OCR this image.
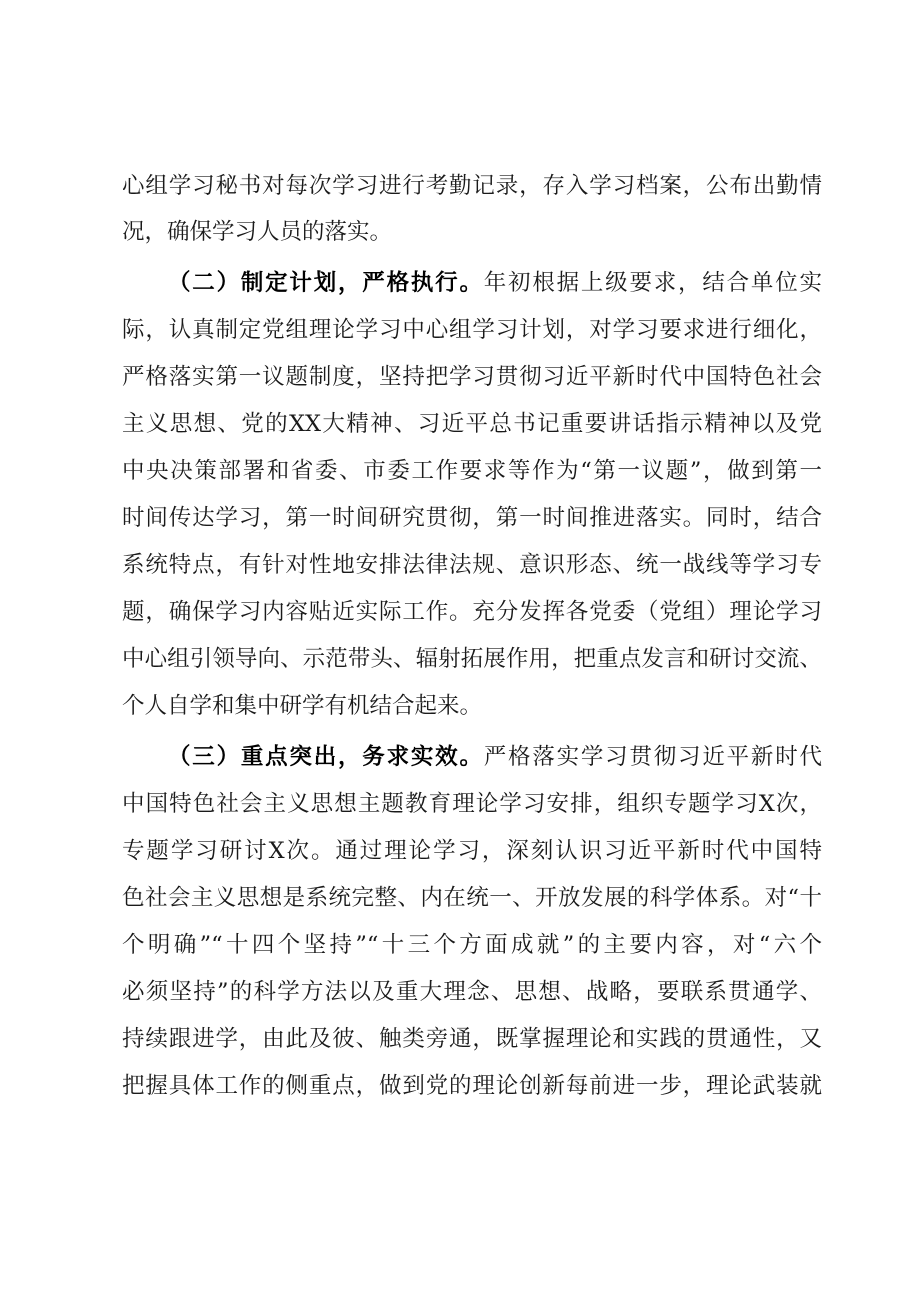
心组学习秘书对每次学习进行考勤记录，存入学习档案，公布出勤情
况，确保学习人员的落实。
（二）制定计划，严格执行。年初根据上级要求，结合单位实
际，认真制定党组理论学习中心组学习计划，对学习要求进行细化，
严格落实第一议题制度，坚持把学习贯彻习近平新时代中国特色社会
主义思想、党的XX大精神、习近平总书记重要讲话指示精神以及党
中央决策部署和省委、市委工作要求等作为“第一议题”，做到第一
时间传达学习，第一时间研究贯彻，第一时间推进落实。同时，结合
系统特点，有针对性地安排法律法规、意识形态、统一战线等学习专
题，确保学习内容贴近实际工作。充分发挥各党委（党组）理论学习
中心组引领导向、示范带头、辐射拓展作用，把重点发言和研讨交流、
个人自学和集中研学有机结合起来。
（三）重点突出，务求实效。严格落实学习贯彻习近平新时代
中国特色社会主义思想主题教育理论学习安排，组织专题学习X次，
专题学习研讨X次。通过理论学习，深刻认识习近平新时代中国特
色社会主义思想是系统完整、内在统一、开放发展的科学体系。对“十
个明确”“十四个坚持”“十三个方面成就”的主要内容，对“六个
必须坚持”的科学方法以及重大理念、思想、战略，要联系贯通学、
持续跟进学，由此及彼、触类旁通，既掌握理论和实践的贯通性，又
把握具体工作的侧重点，做到党的理论创新每前进一步，理论武装就
